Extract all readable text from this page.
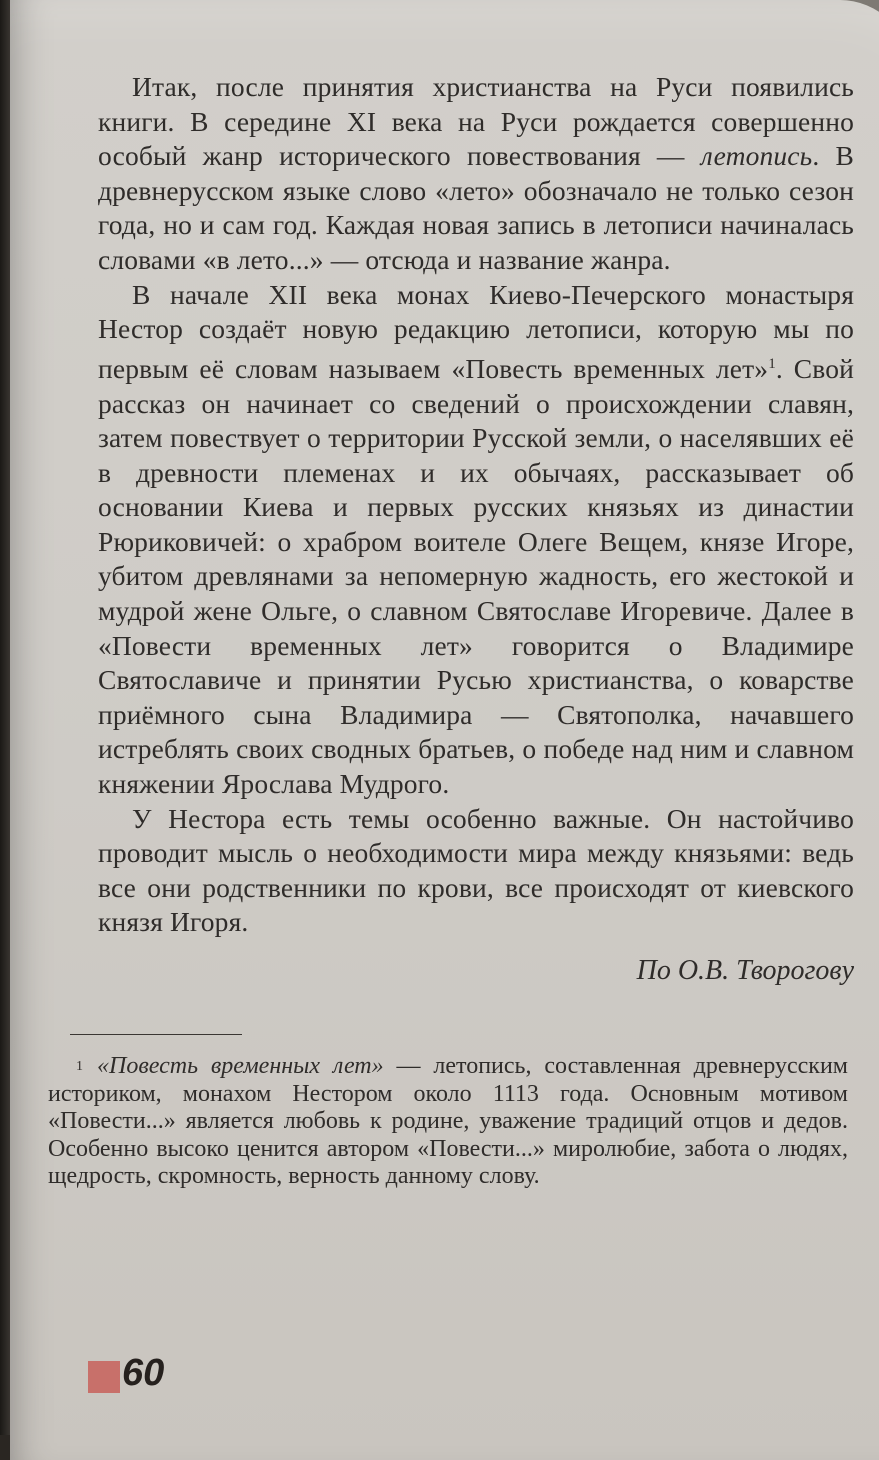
Итак, после принятия христианства на Руси появились книги. В середине XI века на Руси рождается совершенно особый жанр исторического повествования — летопись. В древнерусском языке слово «лето» обозначало не только сезон года, но и сам год. Каждая новая запись в летописи начиналась словами «в лето...» — отсюда и название жанра.

В начале XII века монах Киево-Печерского монастыря Нестор создаёт новую редакцию летописи, которую мы по первым её словам называем «Повесть временных лет»$^1$. Свой рассказ он начинает со сведений о происхождении славян, затем повествует о территории Русской земли, о населявших её в древности племенах и их обычаях, рассказывает об основании Киева и первых русских князьях из династии Рюриковичей: о храбром воителе Олеге Вещем, князе Игоре, убитом древлянами за непомерную жадность, его жестокой и мудрой жене Ольге, о славном Святославе Игоревиче. Далее в «Повести временных лет» говорится о Владимире Святославиче и принятии Русью христианства, о коварстве приёмного сына Владимира — Святополка, начавшего истреблять своих сводных братьев, о победе над ним и славном княжении Ярослава Мудрого.

У Нестора есть темы особенно важные. Он настойчиво проводит мысль о необходимости мира между князьями: ведь все они родственники по крови, все происходят от киевского князя Игоря.

По О.В. Творогову

$^1$ «Повесть временных лет» — летопись, составленная древнерусским историком, монахом Нестором около 1113 года. Основным мотивом «Повести...» является любовь к родине, уважение традиций отцов и дедов. Особенно высоко ценится автором «Повести...» миролюбие, забота о людях, щедрость, скромность, верность данному слову.

60
